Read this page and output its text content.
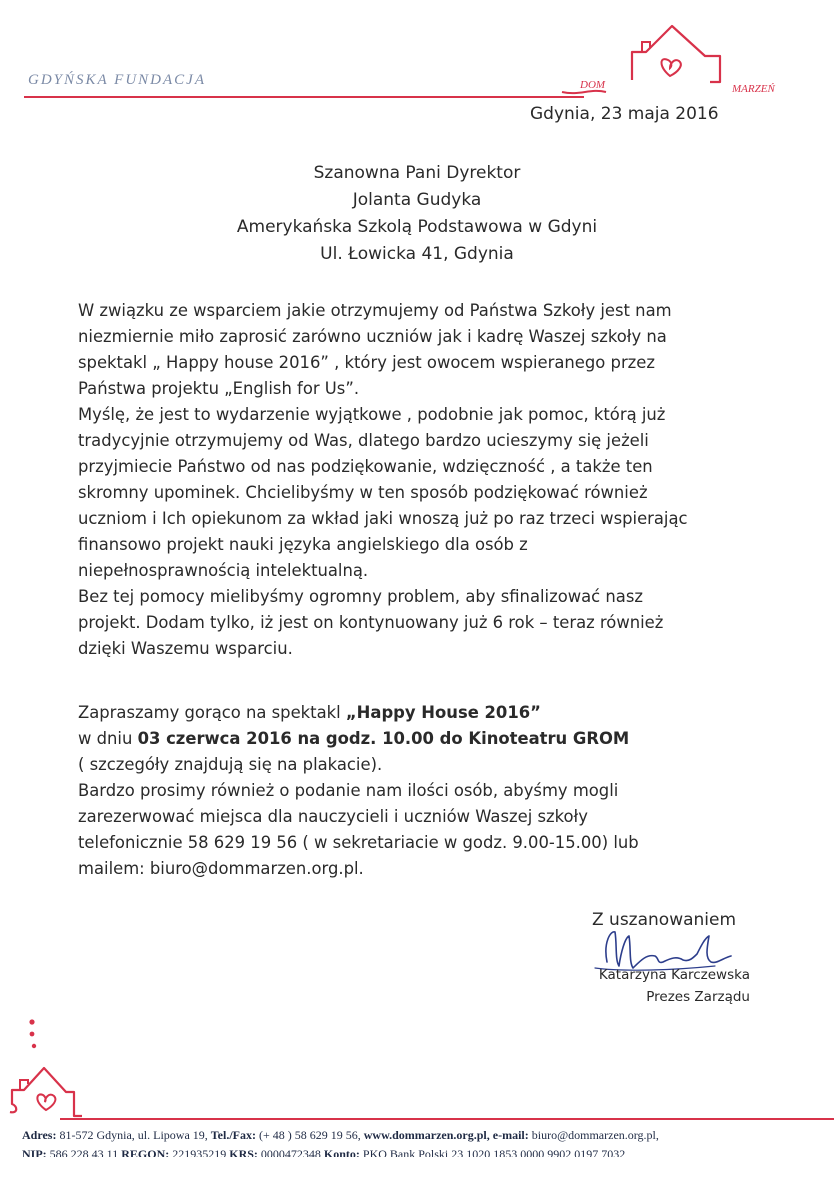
GDYŃSKA FUNDACJA	DOM	MARZEŃ
Gdynia, 23 maja 2016
Szanowna Pani Dyrektor
Jolanta Gudyka
Amerykańska Szkolą Podstawowa w Gdyni
Ul. Łowicka 41, Gdynia

W związku ze wsparciem jakie otrzymujemy od Państwa Szkoły jest nam

niezmiernie miło zaprosić zarówno uczniów jak i kadrę Waszej szkoły na

spektakl „ Happy house 2016” , który jest owocem wspieranego przez

Państwa projektu „English for Us”.

Myślę, że jest to wydarzenie wyjątkowe , podobnie jak pomoc, którą już

tradycyjnie otrzymujemy od Was, dlatego bardzo ucieszymy się jeżeli

przyjmiecie Państwo od nas podziękowanie, wdzięczność , a także ten

skromny upominek. Chcielibyśmy w ten sposób podziękować również

uczniom i Ich opiekunom za wkład jaki wnoszą już po raz trzeci wspierając

finansowo projekt nauki języka angielskiego dla osób z

niepełnosprawnością intelektualną.

Bez tej pomocy mielibyśmy ogromny problem, aby sfinalizować nasz

projekt. Dodam tylko, iż jest on kontynuowany już 6 rok – teraz również

dzięki Waszemu wsparciu.

Zapraszamy gorąco na spektakl „Happy House 2016”

w dniu 03 czerwca 2016 na godz. 10.00 do Kinoteatru GROM

( szczegóły znajdują się na plakacie).

Bardzo prosimy również o podanie nam ilości osób, abyśmy mogli

zarezerwować miejsca dla nauczycieli i uczniów Waszej szkoły

telefonicznie 58 629 19 56 ( w sekretariacie w godz. 9.00-15.00) lub

mailem: biuro@dommarzen.org.pl.

Z uszanowaniem
Katarzyna Karczewska
Prezes Zarządu
Adres: 81-572 Gdynia, ul. Lipowa 19, Tel./Fax: (+ 48 ) 58 629 19 56, www.dommarzen.org.pl, e-mail: biuro@dommarzen.org.pl,
NIP: 586 228 43 11 REGON: 221935219 KRS: 0000472348 Konto: PKO Bank Polski 23 1020 1853 0000 9902 0197 7032
